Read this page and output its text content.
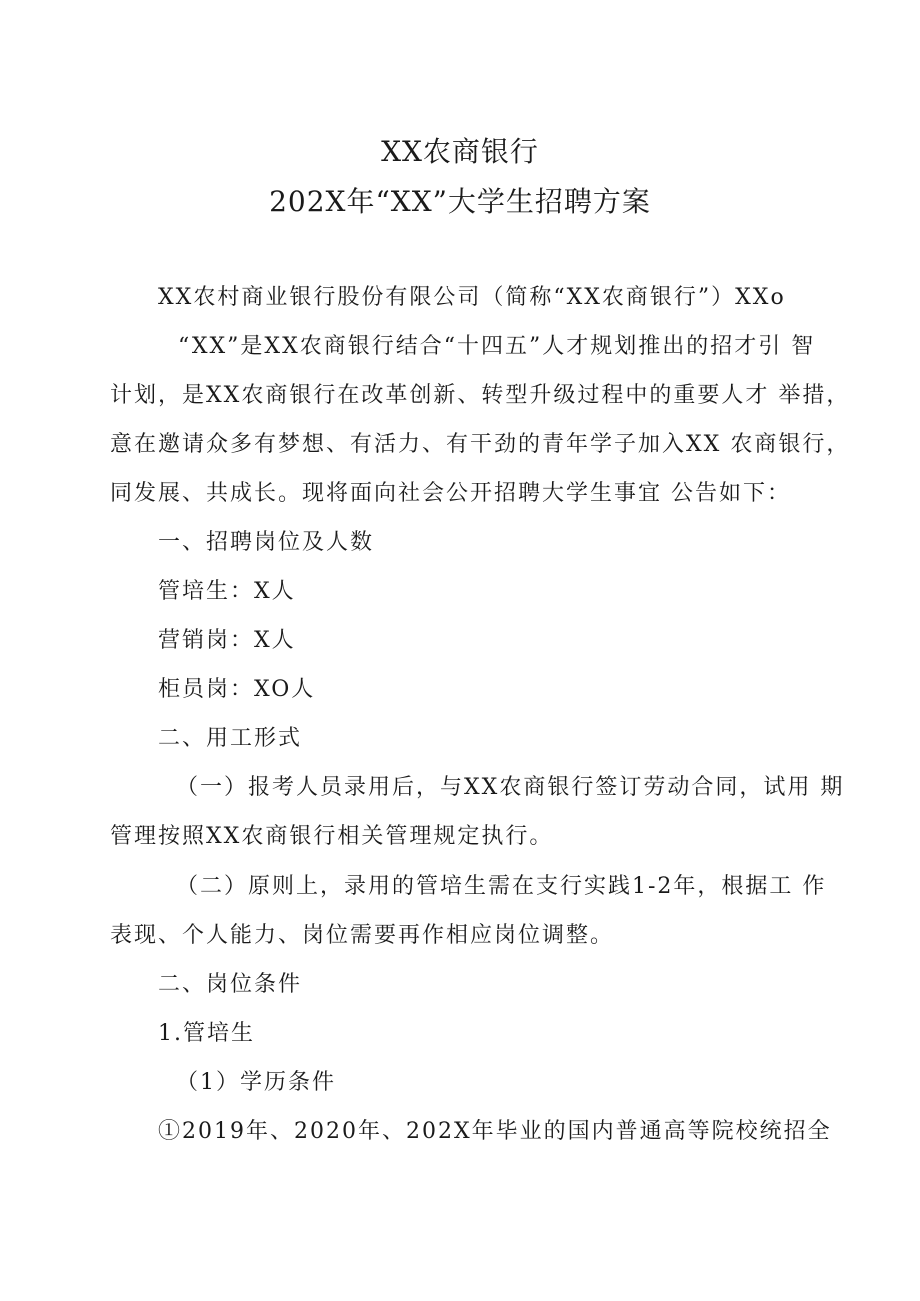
XX农商银行
202X年“XX”大学生招聘方案

XX农村商业银行股份有限公司（简称“XX农商银行”）XXo

“XX”是XX农商银行结合“十四五”人才规划推出的招才引 智

计划，是XX农商银行在改革创新、转型升级过程中的重要人才 举措，

意在邀请众多有梦想、有活力、有干劲的青年学子加入XX 农商银行，

同发展、共成长。现将面向社会公开招聘大学生事宜 公告如下：

一、招聘岗位及人数

管培生：X人

营销岗：X人

柜员岗：XO人

二、用工形式

（一）报考人员录用后，与XX农商银行签订劳动合同，试用 期

管理按照XX农商银行相关管理规定执行。

（二）原则上，录用的管培生需在支行实践1-2年，根据工 作

表现、个人能力、岗位需要再作相应岗位调整。

二、岗位条件

1.管培生

（1）学历条件

①2019年、2020年、202X年毕业的国内普通高等院校统招全
